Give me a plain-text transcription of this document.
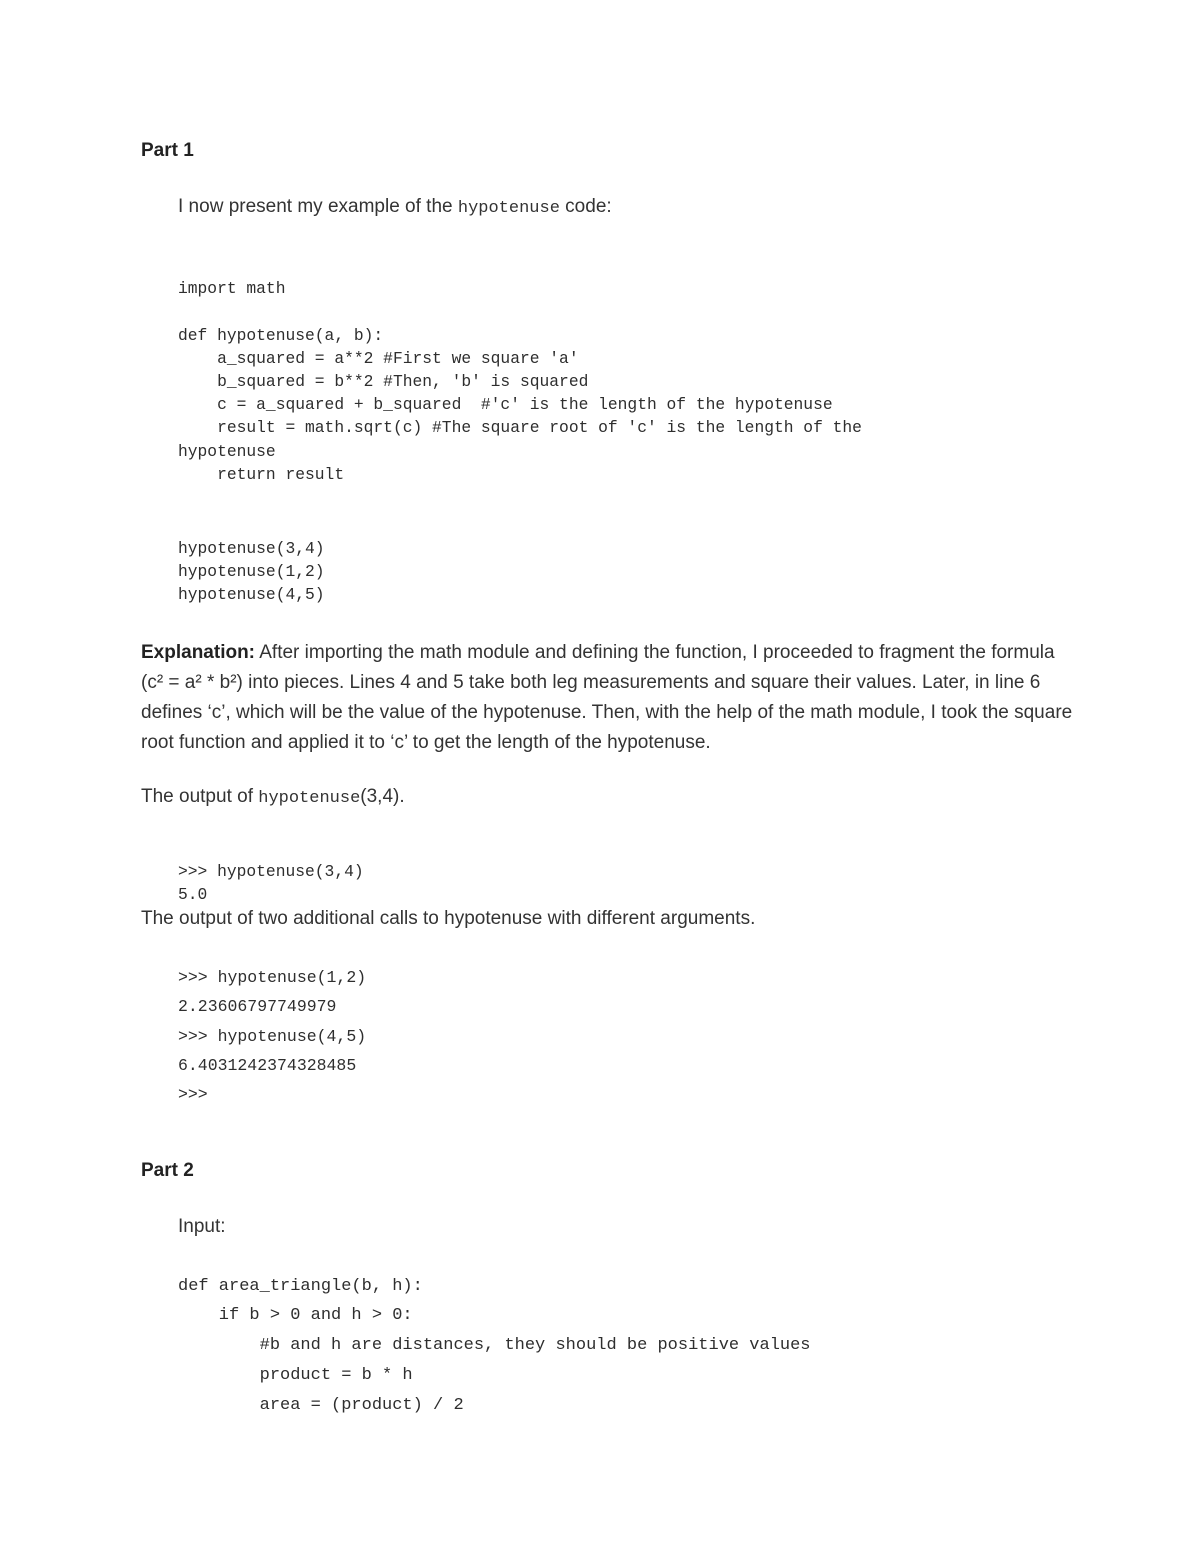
Part 1
I now present my example of the hypotenuse code:

import math

def hypotenuse(a, b):
a_squared = a**2 #First we square 'a'
b_squared = b**2 #Then, 'b' is squared
c = a_squared + b_squared  #'c' is the length of the hypotenuse
result = math.sqrt(c) #The square root of 'c' is the length of the
hypotenuse
return result

hypotenuse(3,4)
hypotenuse(1,2)
hypotenuse(4,5)

Explanation: After importing the math module and defining the function, I proceeded to fragment the formula (c² = a² * b²) into pieces. Lines 4 and 5 take both leg measurements and square their values. Later, in line 6 defines ‘c’, which will be the value of the hypotenuse. Then, with the help of the math module, I took the square root function and applied it to ‘c’ to get the length of the hypotenuse.
The output of hypotenuse(3,4).

>>> hypotenuse(3,4)
5.0

The output of two additional calls to hypotenuse with different arguments.

>>> hypotenuse(1,2)
2.23606797749979
>>> hypotenuse(4,5)
6.4031242374328485
>>>

Part 2
Input:

def area_triangle(b, h):
if b > 0 and h > 0:
#b and h are distances, they should be positive values
product = b * h
area = (product) / 2
